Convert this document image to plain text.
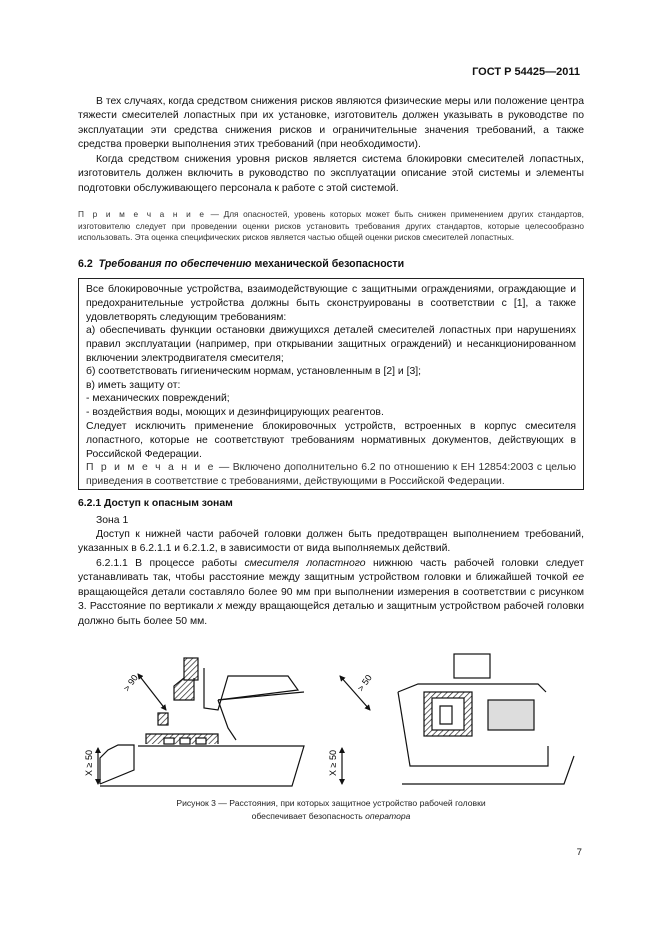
ГОСТ Р 54425—2011

В тех случаях, когда средством снижения рисков являются физические меры или положение центра тяжести смесителей лопастных при их установке, изготовитель должен указывать в руководстве по эксплуатации эти средства снижения рисков и ограничительные значения требований, а также средства проверки выполнения этих требований (при необходимости).

Когда средством снижения уровня рисков является система блокировки смесителей лопастных, изготовитель должен включить в руководство по эксплуатации описание этой системы и элементы подготовки обслуживающего персонала к работе с этой системой.

П р и м е ч а н и е — Для опасностей, уровень которых может быть снижен применением других стандартов, изготовителю следует при проведении оценки рисков установить требования других стандартов, которые целесообразно использовать. Эта оценка специфических рисков является частью общей оценки рисков смесителей лопастных.

6.2 Требования по обеспечению механической безопасности

Все блокировочные устройства, взаимодействующие с защитными ограждениями, ограждающие и предохранительные устройства должны быть сконструированы в соответствии с [1], а также удовлетворять следующим требованиям:

а) обеспечивать функции остановки движущихся деталей смесителей лопастных при нарушениях правил эксплуатации (например, при открывании защитных ограждений) и несанкционированном включении электродвигателя смесителя;

б) соответствовать гигиеническим нормам, установленным в [2] и [3];

в) иметь защиту от:

- механических повреждений;

- воздействия воды, моющих и дезинфицирующих реагентов.

Следует исключить применение блокировочных устройств, встроенных в корпус смесителя лопастного, которые не соответствуют требованиям нормативных документов, действующих в Российской Федерации.

П р и м е ч а н и е — Включено дополнительно 6.2 по отношению к ЕН 12854:2003 с целью приведения в соответствие с требованиями, действующими в Российской Федерации.

6.2.1 Доступ к опасным зонам

Зона 1

Доступ к нижней части рабочей головки должен быть предотвращен выполнением требований, указанных в 6.2.1.1 и 6.2.1.2, в зависимости от вида выполняемых действий.

6.2.1.1 В процессе работы смесителя лопастного нижнюю часть рабочей головки следует устанавливать так, чтобы расстояние между защитным устройством головки и ближайшей точкой ее вращающейся детали составляло более 90 мм при выполнении измерения в соответствии с рисунком 3. Расстояние по вертикали х между вращающейся деталью и защитным устройством рабочей головки должно быть более 50 мм.

> 90
X ≥ 50
> 50
X ≥ 50
Рисунок 3 — Расстояния, при которых защитное устройство рабочей головки
обеспечивает безопасность оператора
7
